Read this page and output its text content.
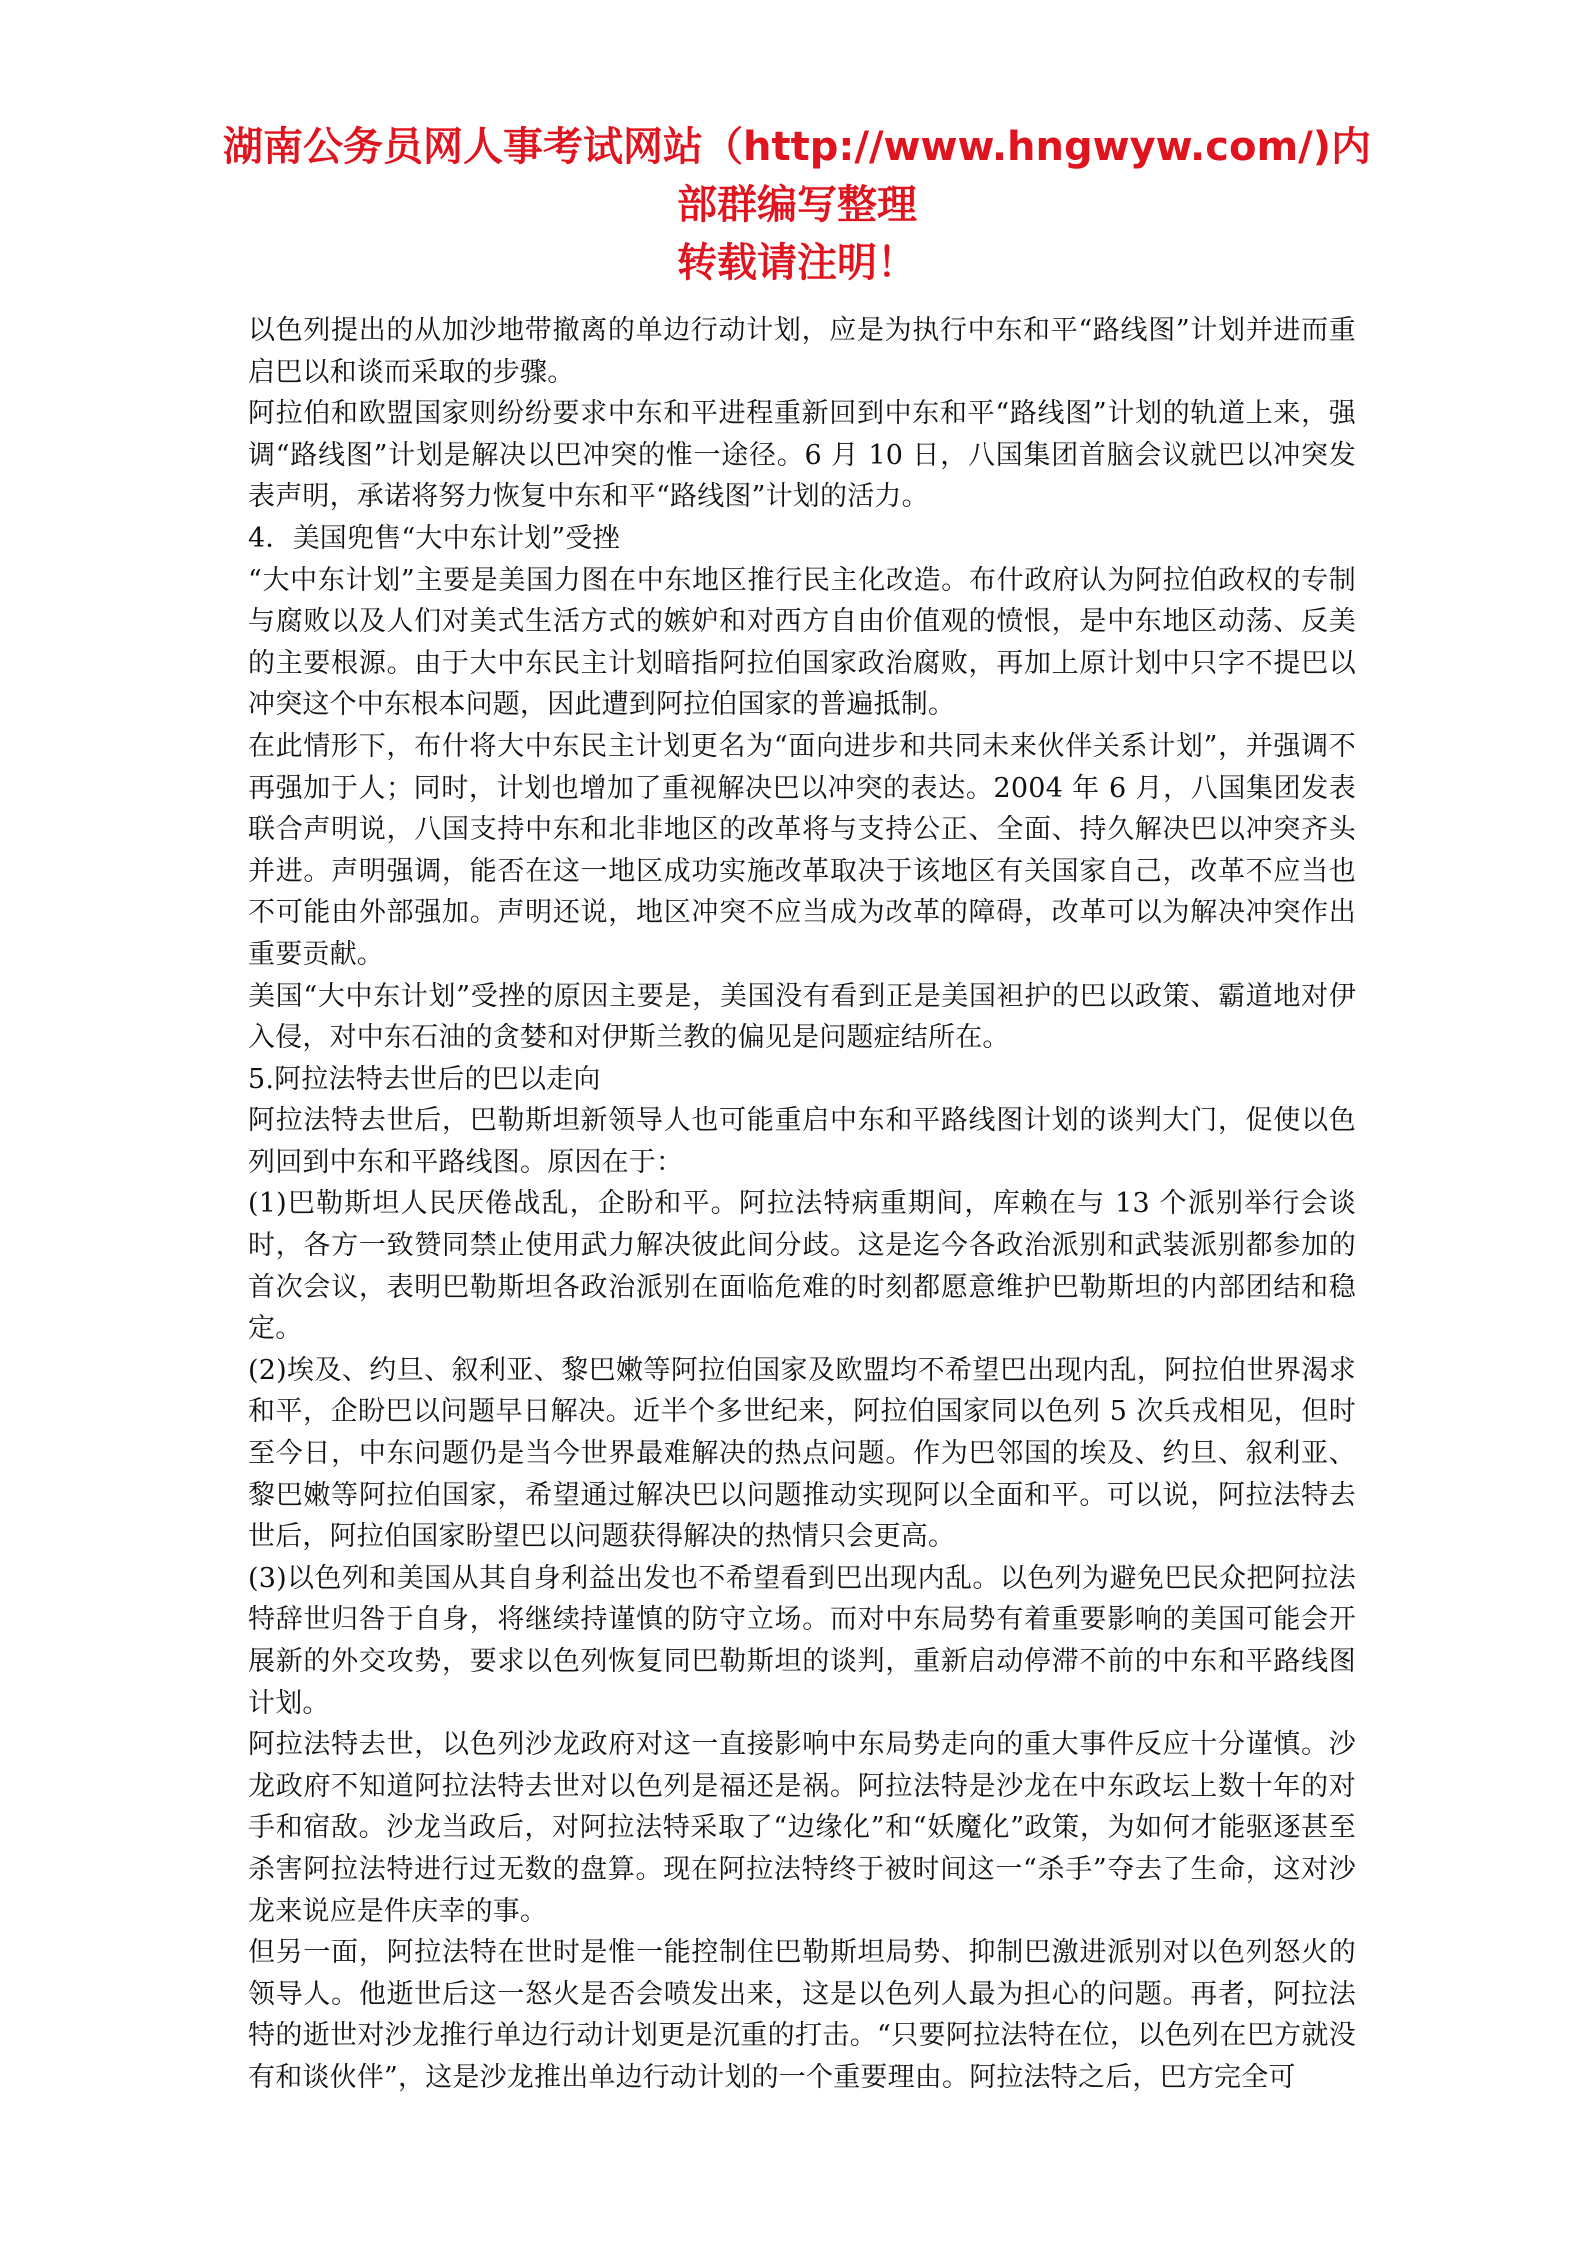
湖南公务员网人事考试网站（http://www.hngwyw.com/)内
部群编写整理
转载请注明！

以色列提出的从加沙地带撤离的单边行动计划，应是为执行中东和平“路线图”计划并进而重启巴以和谈而采取的步骤。

阿拉伯和欧盟国家则纷纷要求中东和平进程重新回到中东和平“路线图”计划的轨道上来，强调“路线图”计划是解决以巴冲突的惟一途径。6 月 10 日，八国集团首脑会议就巴以冲突发表声明，承诺将努力恢复中东和平“路线图”计划的活力。

4．美国兜售“大中东计划”受挫

“大中东计划”主要是美国力图在中东地区推行民主化改造。布什政府认为阿拉伯政权的专制与腐败以及人们对美式生活方式的嫉妒和对西方自由价值观的愤恨，是中东地区动荡、反美的主要根源。由于大中东民主计划暗指阿拉伯国家政治腐败，再加上原计划中只字不提巴以冲突这个中东根本问题，因此遭到阿拉伯国家的普遍抵制。

在此情形下，布什将大中东民主计划更名为“面向进步和共同未来伙伴关系计划”，并强调不再强加于人；同时，计划也增加了重视解决巴以冲突的表达。2004 年 6 月，八国集团发表联合声明说，八国支持中东和北非地区的改革将与支持公正、全面、持久解决巴以冲突齐头并进。声明强调，能否在这一地区成功实施改革取决于该地区有关国家自己，改革不应当也不可能由外部强加。声明还说，地区冲突不应当成为改革的障碍，改革可以为解决冲突作出重要贡献。

美国“大中东计划”受挫的原因主要是，美国没有看到正是美国袒护的巴以政策、霸道地对伊入侵，对中东石油的贪婪和对伊斯兰教的偏见是问题症结所在。

5.阿拉法特去世后的巴以走向

阿拉法特去世后，巴勒斯坦新领导人也可能重启中东和平路线图计划的谈判大门，促使以色列回到中东和平路线图。原因在于：

(1)巴勒斯坦人民厌倦战乱，企盼和平。阿拉法特病重期间，库赖在与 13 个派别举行会谈时，各方一致赞同禁止使用武力解决彼此间分歧。这是迄今各政治派别和武装派别都参加的首次会议，表明巴勒斯坦各政治派别在面临危难的时刻都愿意维护巴勒斯坦的内部团结和稳定。

(2)埃及、约旦、叙利亚、黎巴嫩等阿拉伯国家及欧盟均不希望巴出现内乱，阿拉伯世界渴求和平，企盼巴以问题早日解决。近半个多世纪来，阿拉伯国家同以色列 5 次兵戎相见，但时至今日，中东问题仍是当今世界最难解决的热点问题。作为巴邻国的埃及、约旦、叙利亚、黎巴嫩等阿拉伯国家，希望通过解决巴以问题推动实现阿以全面和平。可以说，阿拉法特去世后，阿拉伯国家盼望巴以问题获得解决的热情只会更高。

(3)以色列和美国从其自身利益出发也不希望看到巴出现内乱。以色列为避免巴民众把阿拉法特辞世归咎于自身，将继续持谨慎的防守立场。而对中东局势有着重要影响的美国可能会开展新的外交攻势，要求以色列恢复同巴勒斯坦的谈判，重新启动停滞不前的中东和平路线图计划。

阿拉法特去世，以色列沙龙政府对这一直接影响中东局势走向的重大事件反应十分谨慎。沙龙政府不知道阿拉法特去世对以色列是福还是祸。阿拉法特是沙龙在中东政坛上数十年的对手和宿敌。沙龙当政后，对阿拉法特采取了“边缘化”和“妖魔化”政策，为如何才能驱逐甚至杀害阿拉法特进行过无数的盘算。现在阿拉法特终于被时间这一“杀手”夺去了生命，这对沙龙来说应是件庆幸的事。

但另一面，阿拉法特在世时是惟一能控制住巴勒斯坦局势、抑制巴激进派别对以色列怒火的领导人。他逝世后这一怒火是否会喷发出来，这是以色列人最为担心的问题。再者，阿拉法特的逝世对沙龙推行单边行动计划更是沉重的打击。“只要阿拉法特在位，以色列在巴方就没有和谈伙伴”，这是沙龙推出单边行动计划的一个重要理由。阿拉法特之后，巴方完全可
